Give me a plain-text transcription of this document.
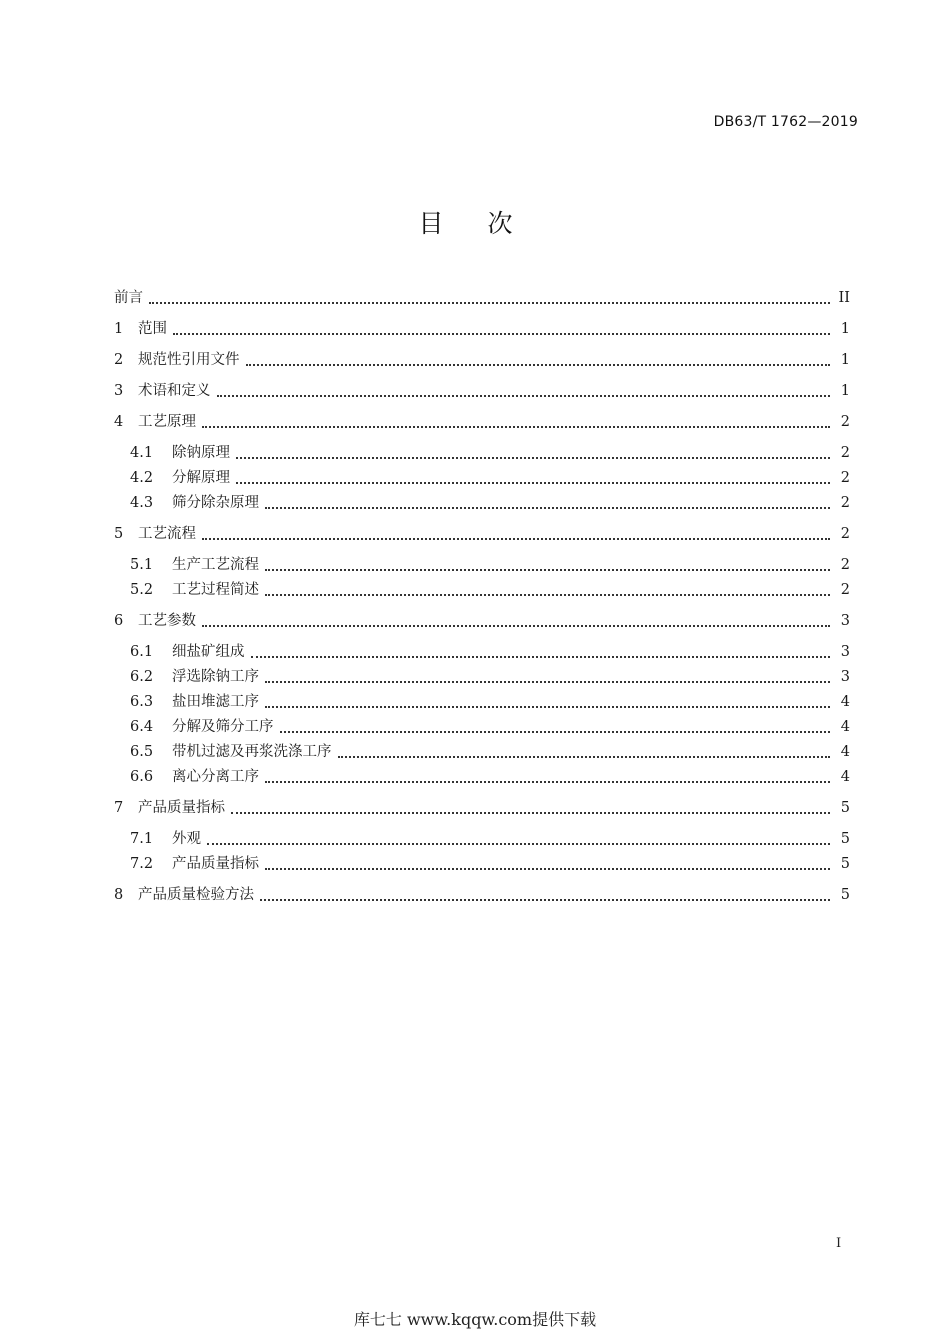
DB63/T 1762—2019
目次
前言	II
1	范围	1
2	规范性引用文件	1
3	术语和定义	1
4	工艺原理	2
4.1	除钠原理	2
4.2	分解原理	2
4.3	筛分除杂原理	2
5	工艺流程	2
5.1	生产工艺流程	2
5.2	工艺过程简述	2
6	工艺参数	3
6.1	细盐矿组成	3
6.2	浮选除钠工序	3
6.3	盐田堆滤工序	4
6.4	分解及筛分工序	4
6.5	带机过滤及再浆洗涤工序	4
6.6	离心分离工序	4
7	产品质量指标	5
7.1	外观	5
7.2	产品质量指标	5
8	产品质量检验方法	5
I
库七七 www.kqqw.com提供下载
